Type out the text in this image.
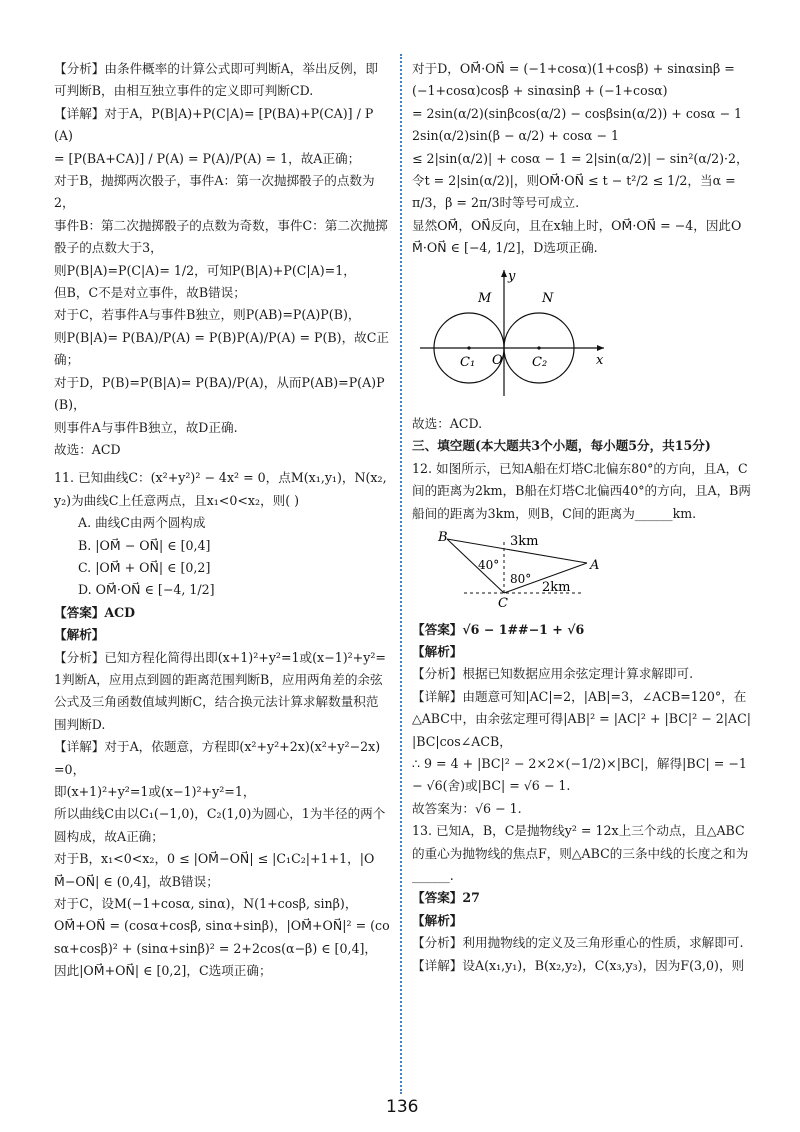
【分析】由条件概率的计算公式即可判断A，举出反例，即可判断B，由相互独立事件的定义即可判断CD.
【详解】对于A，P(B|A)+P(C|A)= [P(BA)+P(CA)] / P(A)
= [P(BA+CA)] / P(A) = P(A)/P(A) = 1，故A正确；
对于B，抛掷两次骰子，事件A：第一次抛掷骰子的点数为2，
事件B：第二次抛掷骰子的点数为奇数，事件C：第二次抛掷骰子的点数大于3，
则P(B|A)=P(C|A)= 1/2，可知P(B|A)+P(C|A)=1，
但B，C不是对立事件，故B错误；
对于C，若事件A与事件B独立，则P(AB)=P(A)P(B)，
则P(B|A)= P(BA)/P(A) = P(B)P(A)/P(A) = P(B)，故C正确；
对于D，P(B)=P(B|A)= P(BA)/P(A)，从而P(AB)=P(A)P(B)，
则事件A与事件B独立，故D正确.
故选：ACD
11. 已知曲线C：(x²+y²)² − 4x² = 0，点M(x₁,y₁)，N(x₂,y₂)为曲线C上任意两点，且x₁<0<x₂，则( )
A. 曲线C由两个圆构成
B. |OM⃗ − ON⃗| ∈ [0,4]
C. |OM⃗ + ON⃗| ∈ [0,2]
D. OM⃗·ON⃗ ∈ [−4, 1/2]
【答案】ACD
【解析】
【分析】已知方程化简得出即(x+1)²+y²=1或(x−1)²+y²=1判断A，应用点到圆的距离范围判断B，应用两角差的余弦公式及三角函数值域判断C，结合换元法计算求解数量积范围判断D.
【详解】对于A，依题意，方程即(x²+y²+2x)(x²+y²−2x)=0，
即(x+1)²+y²=1或(x−1)²+y²=1，
所以曲线C由以C₁(−1,0)，C₂(1,0)为圆心，1为半径的两个圆构成，故A正确；
对于B，x₁<0<x₂，0 ≤ |OM⃗−ON⃗| ≤ |C₁C₂|+1+1，|OM⃗−ON⃗| ∈ (0,4]，故B错误；
对于C，设M(−1+cosα, sinα)，N(1+cosβ, sinβ)，
OM⃗+ON⃗ = (cosα+cosβ, sinα+sinβ)，|OM⃗+ON⃗|² = (cosα+cosβ)² + (sinα+sinβ)² = 2+2cos(α−β) ∈ [0,4]，
因此|OM⃗+ON⃗| ∈ [0,2]，C选项正确；
对于D，OM⃗·ON⃗ = (−1+cosα)(1+cosβ) + sinαsinβ = (−1+cosα)cosβ + sinαsinβ + (−1+cosα)
= 2sin(α/2)(sinβcos(α/2) − cosβsin(α/2)) + cosα − 1
2sin(α/2)sin(β − α/2) + cosα − 1
≤ 2|sin(α/2)| + cosα − 1 = 2|sin(α/2)| − sin²(α/2)·2，
令t = 2|sin(α/2)|，则OM⃗·ON⃗ ≤ t − t²/2 ≤ 1/2，当α = π/3，β = 2π/3时等号可成立.
显然OM⃗，ON⃗反向，且在x轴上时，OM⃗·ON⃗ = −4，因此OM⃗·ON⃗ ∈ [−4, 1/2]，D选项正确.
y
x
M	N
C₁ O C₂
故选：ACD.
三、填空题(本大题共3个小题，每小题5分，共15分)
12. 如图所示，已知A船在灯塔C北偏东80°的方向，且A，C间的距离为2km，B船在灯塔C北偏西40°的方向，且A，B两船间的距离为3km，则B，C间的距离为______km.
B
A
C
3km
2km
40°
80°
【答案】√6 − 1##−1 + √6
【解析】
【分析】根据已知数据应用余弦定理计算求解即可.
【详解】由题意可知|AC|=2，|AB|=3，∠ACB=120°，在△ABC中，由余弦定理可得|AB|² = |AC|² + |BC|² − 2|AC||BC|cos∠ACB，
∴ 9 = 4 + |BC|² − 2×2×(−1/2)×|BC|，解得|BC| = −1 − √6(舍)或|BC| = √6 − 1.
故答案为：√6 − 1.
13. 已知A，B，C是抛物线y² = 12x上三个动点，且△ABC的重心为抛物线的焦点F，则△ABC的三条中线的长度之和为______.
【答案】27
【解析】
【分析】利用抛物线的定义及三角形重心的性质，求解即可.
【详解】设A(x₁,y₁)，B(x₂,y₂)，C(x₃,y₃)，因为F(3,0)，则
136
